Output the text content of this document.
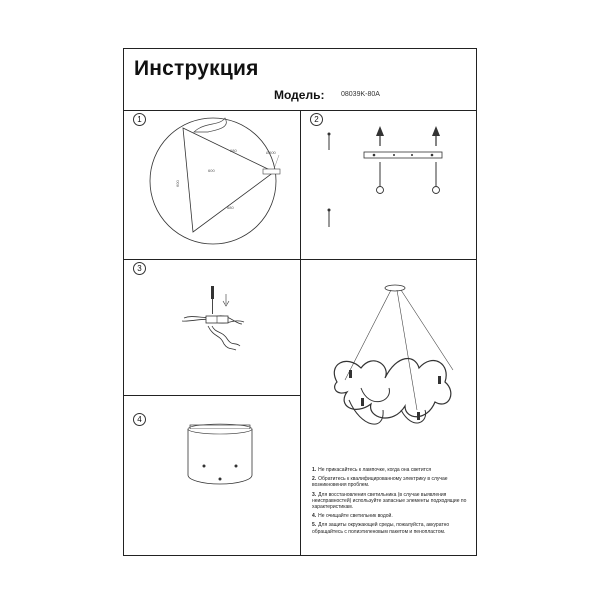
Инструкция
Модель: 08039K-80A
1	2
3
4
680
600
680
600
Ø600
1. Не прикасайтесь к лампочке, когда она светится
2. Обратитесь к квалифицированному электрику в случае возникновения проблем.
3. Для восстановления светильника (в случае выявления неисправностей) используйте запасные элементы подходящие по характеристикам.
4. Не очищайте светильник водой.
5. Для защиты окружающей среды, пожалуйста, аккуратно обращайтесь с полиэтиленовым пакетом и пенопластом.
